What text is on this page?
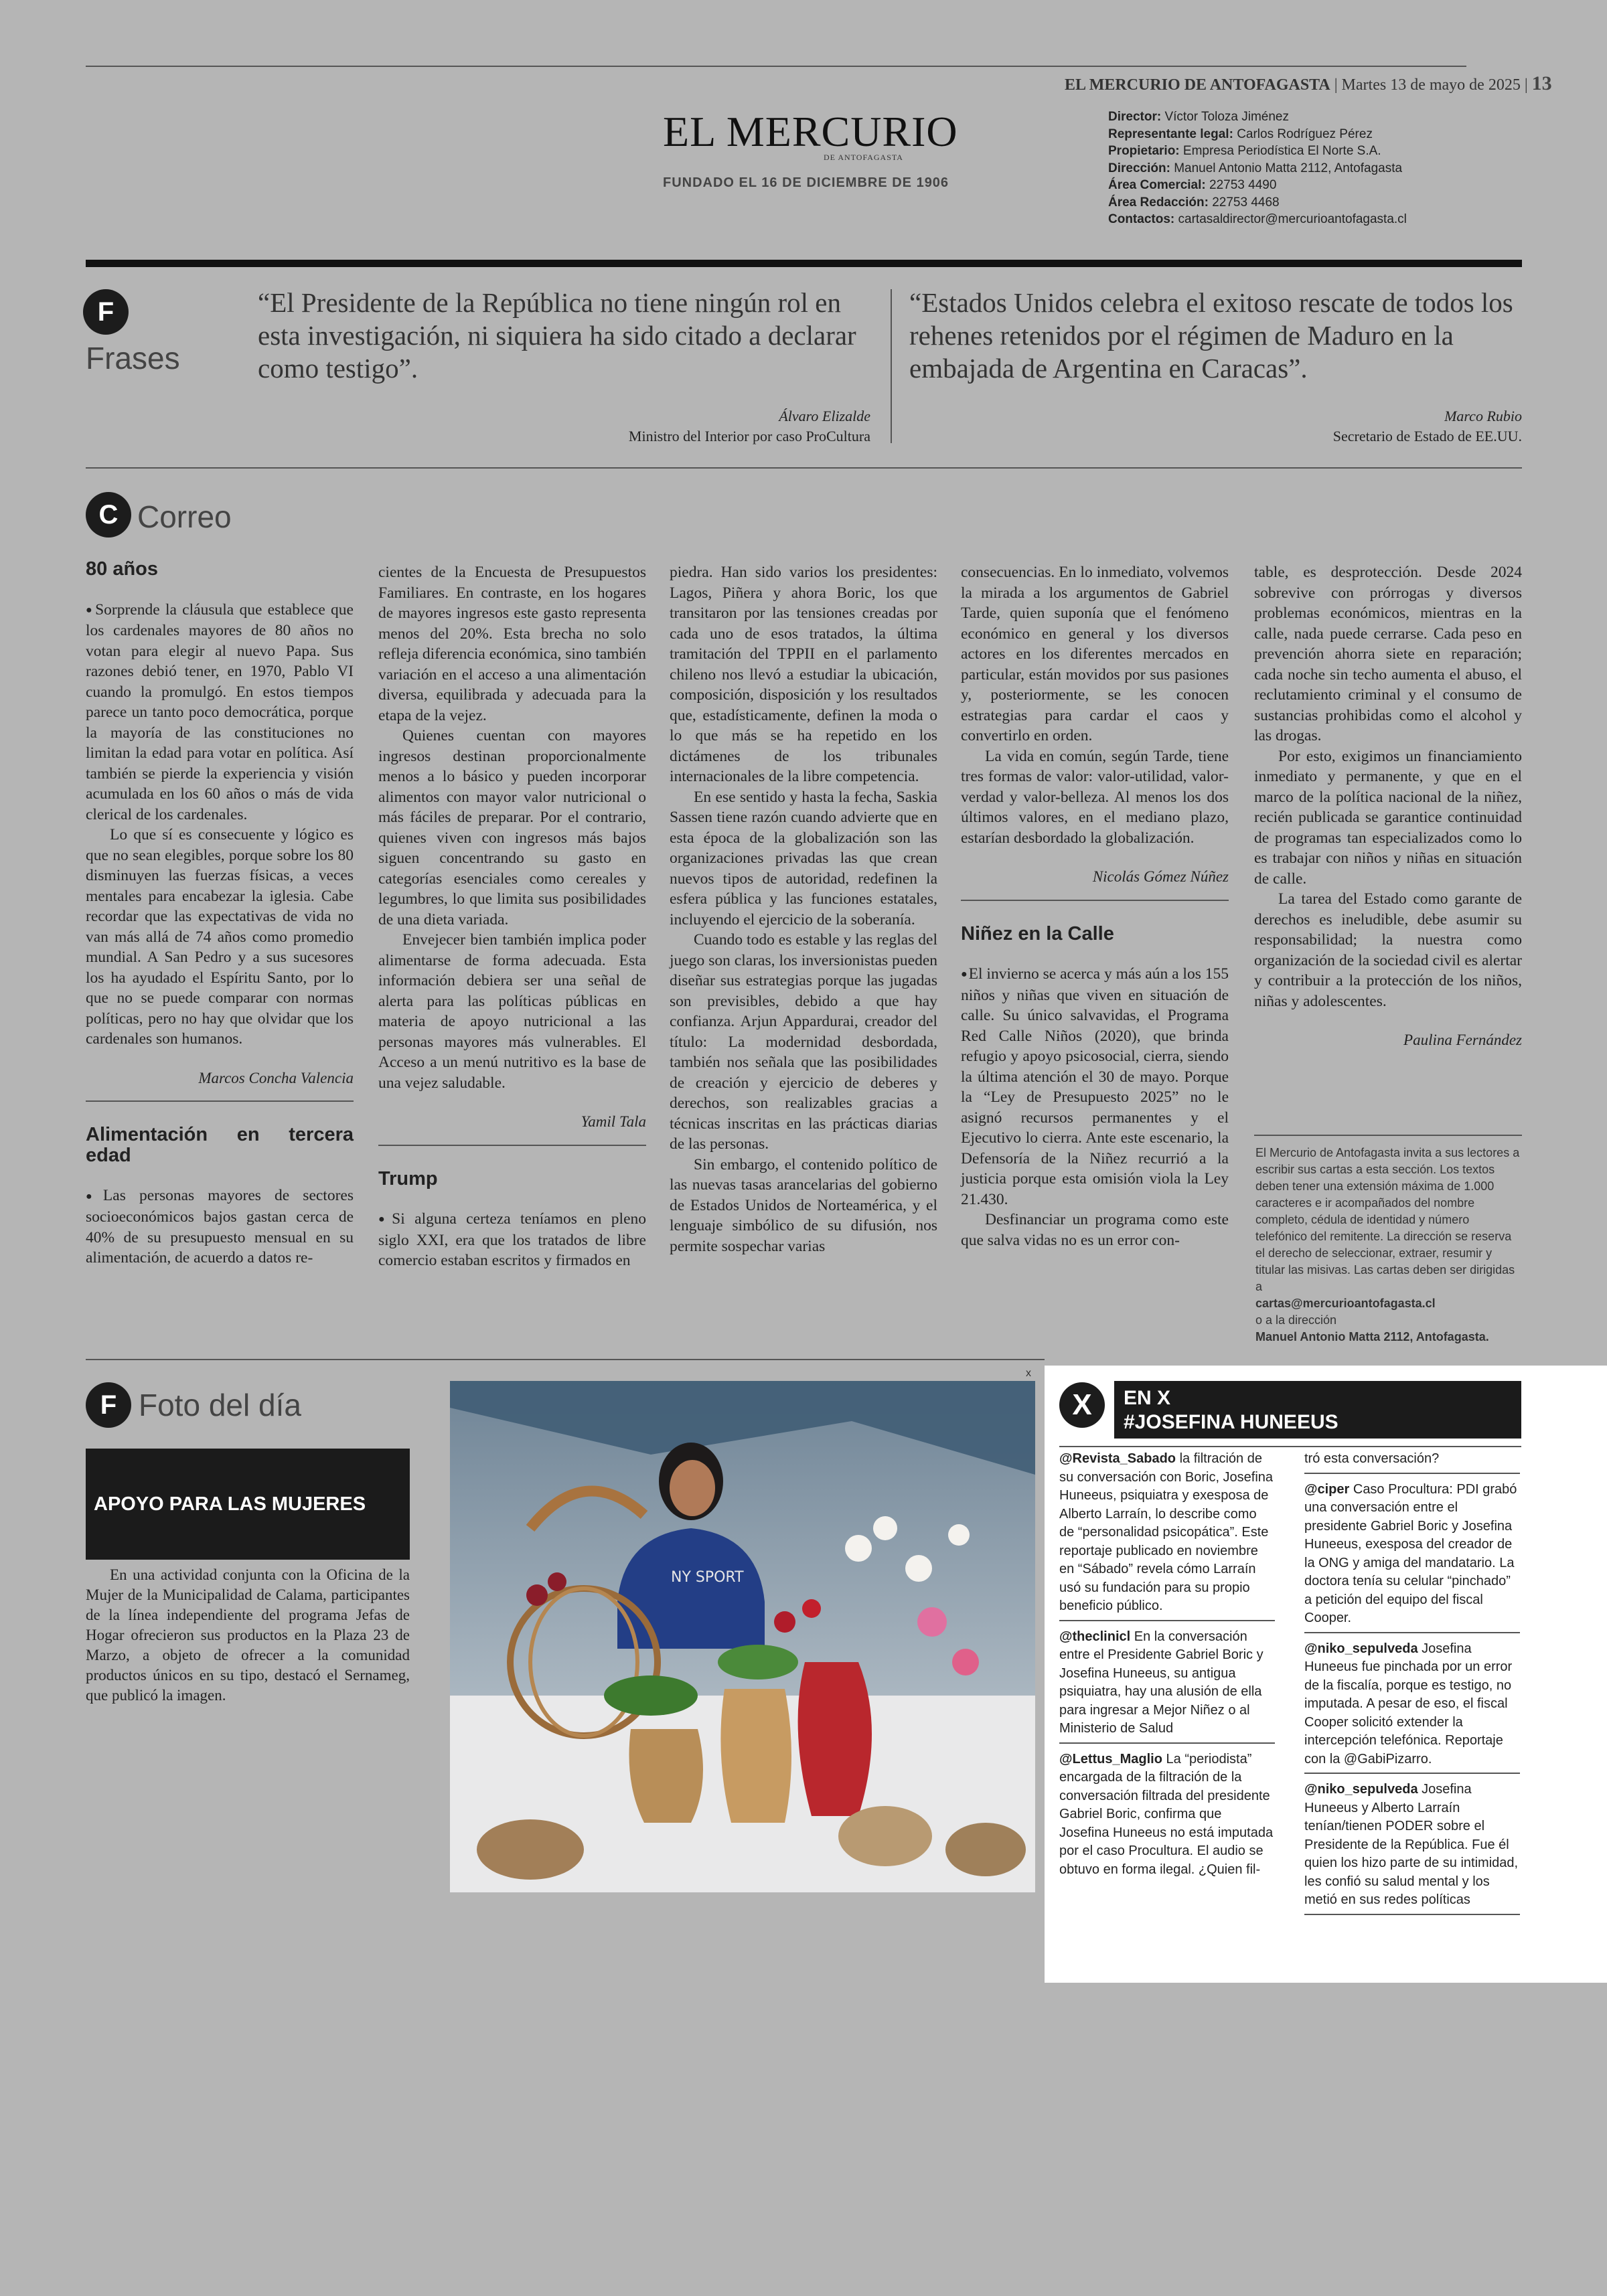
EL MERCURIO DE ANTOFAGASTA | Martes 13 de mayo de 2025 | 13
EL MERCURIO
DE ANTOFAGASTA
FUNDADO EL 16 DE DICIEMBRE DE 1906
Director: Víctor Toloza Jiménez
Representante legal: Carlos Rodríguez Pérez
Propietario: Empresa Periodística El Norte S.A.
Dirección: Manuel Antonio Matta 2112, Antofagasta
Área Comercial: 22753 4490
Área Redacción: 22753 4468
Contactos: cartasaldirector@mercurioantofagasta.cl
F
Frases
“El Presidente de la República no tiene ningún rol en esta investigación, ni siquiera ha sido citado a declarar como testigo”.
Álvaro Elizalde
Ministro del Interior por caso ProCultura
“Estados Unidos celebra el exitoso rescate de todos los rehenes retenidos por el régimen de Maduro en la embajada de Argentina en Caracas”.
Marco Rubio
Secretario de Estado de EE.UU.
C Correo
80 años

● Sorprende la cláusula que establece que los cardenales mayores de 80 años no votan para elegir al nuevo Papa. Sus razones debió tener, en 1970, Pablo VI cuando la promulgó. En estos tiempos parece un tanto poco democrática, porque la mayoría de las constituciones no limitan la edad para votar en política. Así también se pierde la experiencia y visión acumulada en los 60 años o más de vida clerical de los cardenales.

Lo que sí es consecuente y lógico es que no sean elegibles, porque sobre los 80 disminuyen las fuerzas físicas, a veces mentales para encabezar la iglesia. Cabe recordar que las expectativas de vida no van más allá de 74 años como promedio mundial. A San Pedro y a sus sucesores los ha ayudado el Espíritu Santo, por lo que no se puede comparar con normas políticas, pero no hay que olvidar que los cardenales son humanos.

Marcos Concha Valencia
Alimentación en tercera edad

● Las personas mayores de sectores socioeconómicos bajos gastan cerca de 40% de su presupuesto mensual en su alimentación, de acuerdo a datos re-

cientes de la Encuesta de Presupuestos Familiares. En contraste, en los hogares de mayores ingresos este gasto representa menos del 20%. Esta brecha no solo refleja diferencia económica, sino también variación en el acceso a una alimentación diversa, equilibrada y adecuada para la etapa de la vejez.

Quienes cuentan con mayores ingresos destinan proporcionalmente menos a lo básico y pueden incorporar alimentos con mayor valor nutricional o más fáciles de preparar. Por el contrario, quienes viven con ingresos más bajos siguen concentrando su gasto en categorías esenciales como cereales y legumbres, lo que limita sus posibilidades de una dieta variada.

Envejecer bien también implica poder alimentarse de forma adecuada. Esta información debiera ser una señal de alerta para las políticas públicas en materia de apoyo nutricional a las personas mayores más vulnerables. El Acceso a un menú nutritivo es la base de una vejez saludable.

Yamil Tala
Trump

● Si alguna certeza teníamos en pleno siglo XXI, era que los tratados de libre comercio estaban escritos y firmados en

piedra. Han sido varios los presidentes: Lagos, Piñera y ahora Boric, los que transitaron por las tensiones creadas por cada uno de esos tratados, la última tramitación del TPPII en el parlamento chileno nos llevó a estudiar la ubicación, composición, disposición y los resultados que, estadísticamente, definen la moda o lo que más se ha repetido en los dictámenes de los tribunales internacionales de la libre competencia.

En ese sentido y hasta la fecha, Saskia Sassen tiene razón cuando advierte que en esta época de la globalización son las organizaciones privadas las que crean nuevos tipos de autoridad, redefinen la esfera pública y las funciones estatales, incluyendo el ejercicio de la soberanía.

Cuando todo es estable y las reglas del juego son claras, los inversionistas pueden diseñar sus estrategias porque las jugadas son previsibles, debido a que hay confianza. Arjun Appardurai, creador del título: La modernidad desbordada, también nos señala que las posibilidades de creación y ejercicio de deberes y derechos, son realizables gracias a técnicas inscritas en las prácticas diarias de las personas.

Sin embargo, el contenido político de las nuevas tasas arancelarias del gobierno de Estados Unidos de Norteamérica, y el lenguaje simbólico de su difusión, nos permite sospechar varias

consecuencias. En lo inmediato, volvemos la mirada a los argumentos de Gabriel Tarde, quien suponía que el fenómeno económico en general y los diversos actores en los diferentes mercados en particular, están movidos por sus pasiones y, posteriormente, se les conocen estrategias para cardar el caos y convertirlo en orden.

La vida en común, según Tarde, tiene tres formas de valor: valor-utilidad, valor-verdad y valor-belleza. Al menos los dos últimos valores, en el mediano plazo, estarían desbordado la globalización.

Nicolás Gómez Núñez
Niñez en la Calle

● El invierno se acerca y más aún a los 155 niños y niñas que viven en situación de calle. Su único salvavidas, el Programa Red Calle Niños (2020), que brinda refugio y apoyo psicosocial, cierra, siendo la última atención el 30 de mayo. Porque la “Ley de Presupuesto 2025” no le asignó recursos permanentes y el Ejecutivo lo cierra. Ante este escenario, la Defensoría de la Niñez recurrió a la justicia porque esta omisión viola la Ley 21.430.

Desfinanciar un programa como este que salva vidas no es un error con-

table, es desprotección. Desde 2024 sobrevive con prórrogas y diversos problemas económicos, mientras en la calle, nada puede cerrarse. Cada peso en prevención ahorra siete en reparación; cada noche sin techo aumenta el abuso, el reclutamiento criminal y el consumo de sustancias prohibidas como el alcohol y las drogas.

Por esto, exigimos un financiamiento inmediato y permanente, y que en el marco de la política nacional de la niñez, recién publicada se garantice continuidad de programas tan especializados como lo es trabajar con niños y niñas en situación de calle.

La tarea del Estado como garante de derechos es ineludible, debe asumir su responsabilidad; la nuestra como organización de la sociedad civil es alertar y contribuir a la protección de los niños, niñas y adolescentes.

Paulina Fernández
El Mercurio de Antofagasta invita a sus lectores a escribir sus cartas a esta sección. Los textos deben tener una extensión máxima de 1.000 caracteres e ir acompañados del nombre completo, cédula de identidad y número telefónico del remitente. La dirección se reserva el derecho de seleccionar, extraer, resumir y titular las misivas. Las cartas deben ser dirigidas a
cartas@mercurioantofagasta.cl
o a la dirección
Manuel Antonio Matta 2112, Antofagasta.
F Foto del día
APOYO PARA LAS MUJERES
En una actividad conjunta con la Oficina de la Mujer de la Municipalidad de Calama, participantes de la línea independiente del programa Jefas de Hogar ofrecieron sus productos en la Plaza 23 de Marzo, a objeto de ofrecer a la comunidad productos únicos en su tipo, destacó el Sernameg, que publicó la imagen.
x
NY SPORT
X	EN X
#JOSEFINA HUNEEUS
@Revista_Sabado la filtración de su conversación con Boric, Josefina Huneeus, psiquiatra y exesposa de Alberto Larraín, lo describe como de “personalidad psicopática”. Este reportaje publicado en noviembre en “Sábado” revela cómo Larraín usó su fundación para su propio beneficio público.
@theclinicl En la conversación entre el Presidente Gabriel Boric y Josefina Huneeus, su antigua psiquiatra, hay una alusión de ella para ingresar a Mejor Niñez o al Ministerio de Salud
@Lettus_Maglio La “periodista” encargada de la filtración de la conversación filtrada del presidente Gabriel Boric, confirma que Josefina Huneeus no está imputada por el caso Procultura. El audio se obtuvo en forma ilegal. ¿Quien fil-
tró esta conversación?
@ciper Caso Procultura: PDI grabó una conversación entre el presidente Gabriel Boric y Josefina Huneeus, exesposa del creador de la ONG y amiga del mandatario. La doctora tenía su celular “pinchado” a petición del equipo del fiscal Cooper.
@niko_sepulveda Josefina Huneeus fue pinchada por un error de la fiscalía, porque es testigo, no imputada. A pesar de eso, el fiscal Cooper solicitó extender la intercepción telefónica. Reportaje con la @GabiPizarro.
@niko_sepulveda Josefina Huneeus y Alberto Larraín tenían/tienen PODER sobre el Presidente de la República. Fue él quien los hizo parte de su intimidad, les confió su salud mental y los metió en sus redes políticas
